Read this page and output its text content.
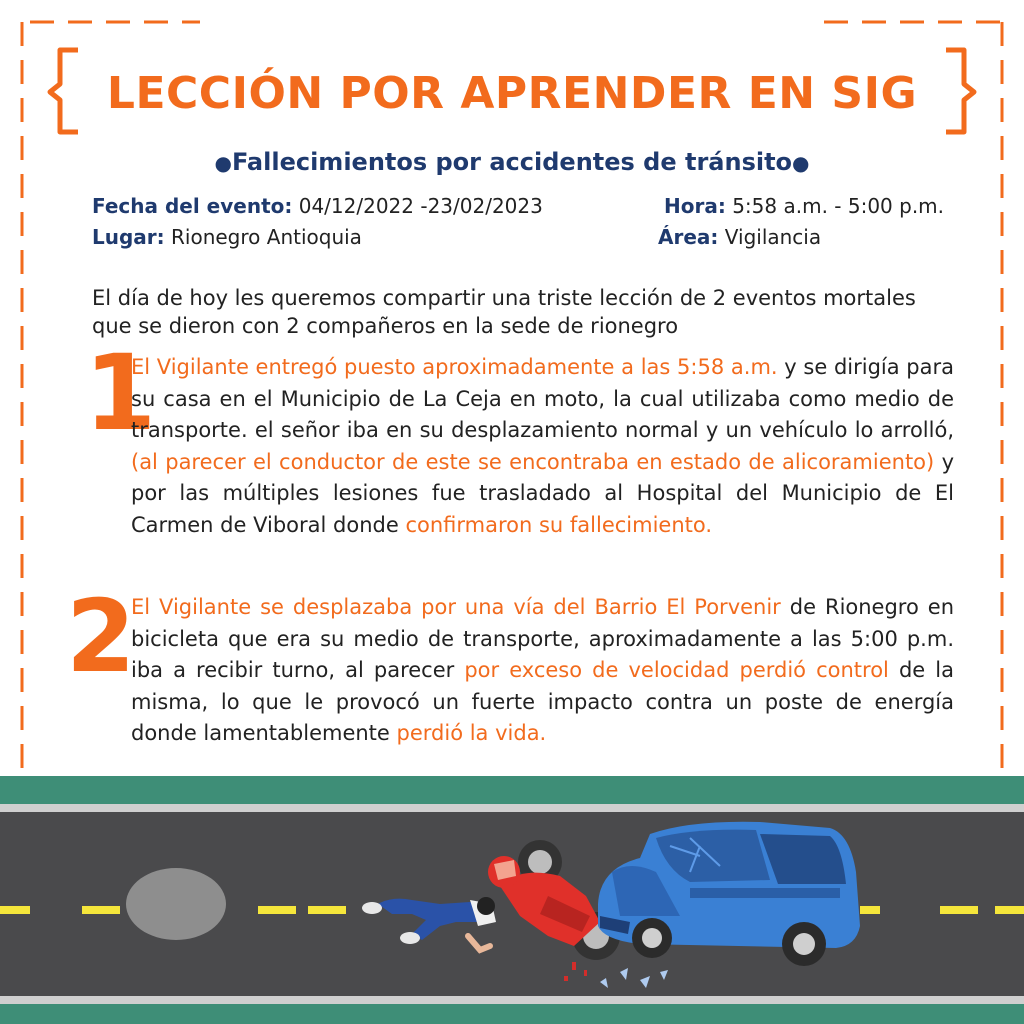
LECCIÓN POR APRENDER EN SIG
●Fallecimientos por accidentes de tránsito●
Fecha del evento: 04/12/2022 -23/02/2023	Hora: 5:58 a.m. - 5:00 p.m.
Lugar: Rionegro Antioquia	Área: Vigilancia
El día de hoy les queremos compartir una triste lección de 2 eventos mortales que se dieron con 2 compañeros en la sede de rionegro
1
El Vigilante entregó puesto aproximadamente a las 5:58 a.m. y se dirigía para su casa en el Municipio de La Ceja en moto, la cual utilizaba como medio de transporte. el señor iba en su desplazamiento normal y un vehículo lo arrolló, (al parecer el conductor de este se encontraba en estado de alicoramiento) y por las múltiples lesiones fue trasladado al Hospital del Municipio de El Carmen de Viboral donde confirmaron su fallecimiento.
2
El Vigilante se desplazaba por una vía del Barrio El Porvenir de Rionegro en bicicleta que era su medio de transporte, aproximadamente a las 5:00 p.m. iba a recibir turno, al parecer por exceso de velocidad perdió control de la misma, lo que le provocó un fuerte impacto contra un poste de energía donde lamentablemente perdió la vida.
